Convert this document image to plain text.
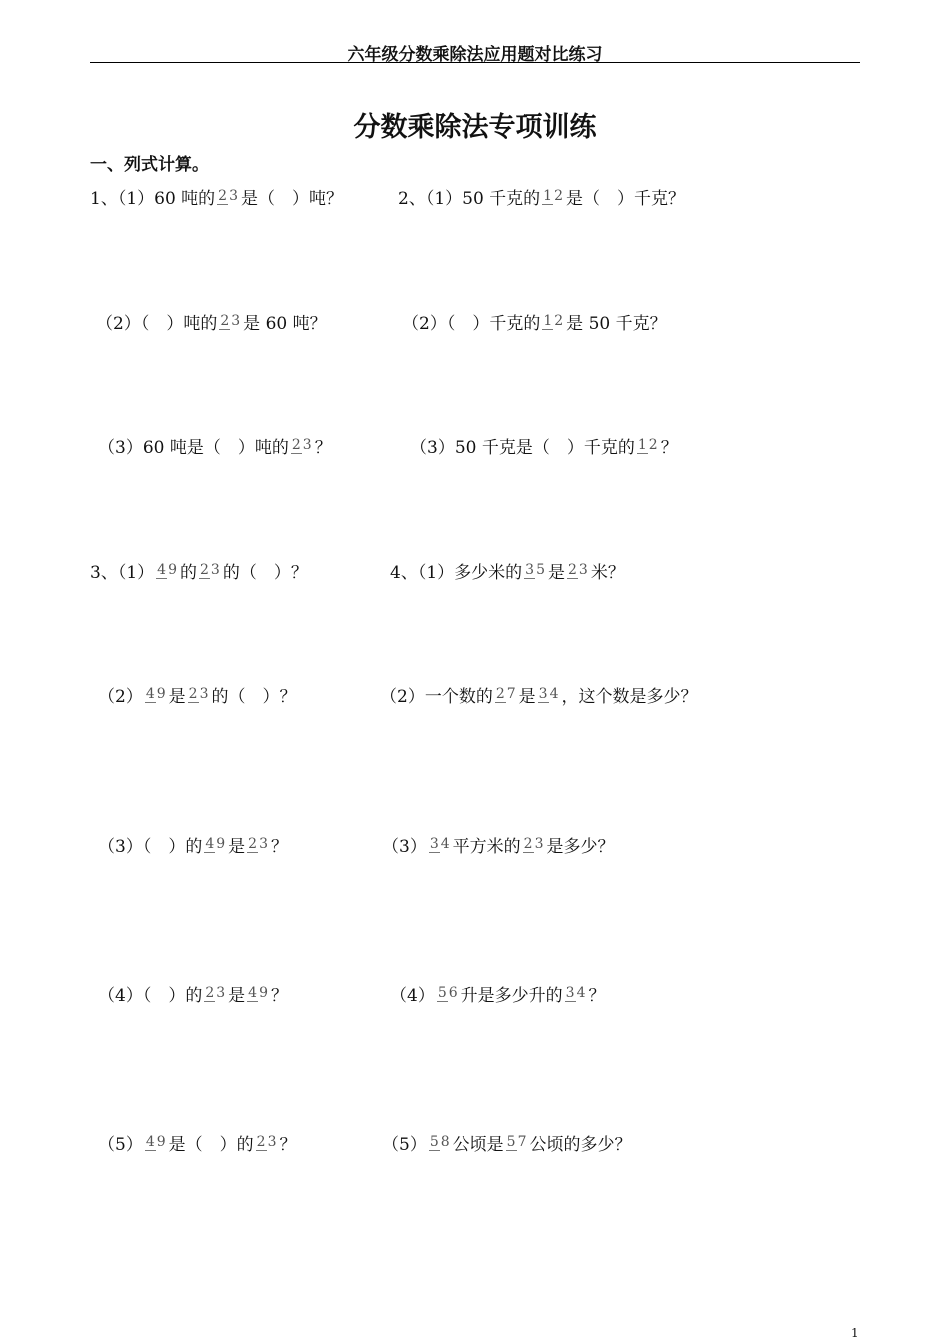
六年级分数乘除法应用题对比练习
分数乘除法专项训练
一、列式计算。
1、（1）60 吨的 2 3 是（　）吨？
（2）（　）吨的 2 3 是 60 吨？
（3）60 吨是（　）吨的 2 3 ？
2、（1）50 千克的 1 2 是（　）千克？
（2）（　）千克的 1 2 是 50 千克？
（3）50 千克是（　）千克的 1 2 ？
3、（1） 4 9 的 2 3 的（　）？
（2） 4 9 是 2 3 的（　）？
（3）（　）的 4 9 是 2 3 ？
（4）（　）的 2 3 是 4 9 ？
（5） 4 9 是（　）的 2 3 ？
4、（1）多少米的 3 5 是 2 3 米？
（2）一个数的 2 7 是 3 4 ，这个数是多少？
（3） 3 4 平方米的 2 3 是多少？
（4） 5 6 升是多少升的 3 4 ？
（5） 5 8 公顷是 5 7 公顷的多少？
1
